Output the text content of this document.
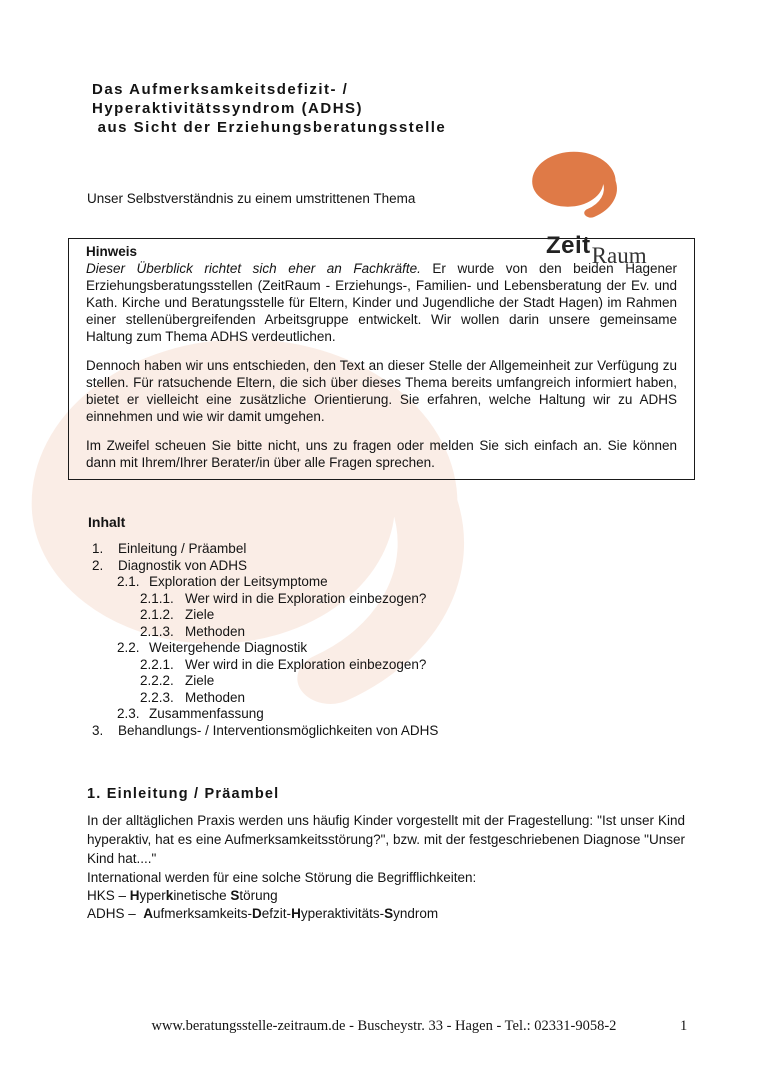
Das Aufmerksamkeitsdefizit- /
Hyperaktivitätssyndrom (ADHS)
aus Sicht der Erziehungsberatungsstelle
ZeitRaum

Unser Selbstverständnis zu einem umstrittenen Thema

Hinweis

Dieser Überblick richtet sich eher an Fachkräfte. Er wurde von den beiden Hagener Erziehungsberatungsstellen (ZeitRaum - Erziehungs-, Familien- und Lebensberatung der Ev. und Kath. Kirche und Beratungsstelle für Eltern, Kinder und Jugendliche der Stadt Hagen) im Rahmen einer stellenübergreifenden Arbeitsgruppe entwickelt. Wir wollen darin unsere gemeinsame Haltung zum Thema ADHS verdeutlichen.

Dennoch haben wir uns entschieden, den Text an dieser Stelle der Allgemeinheit zur Verfügung zu stellen. Für ratsuchende Eltern, die sich über dieses Thema bereits umfangreich informiert haben, bietet er vielleicht eine zusätzliche Orientierung. Sie erfahren, welche Haltung wir zu ADHS einnehmen und wie wir damit umgehen.

Im Zweifel scheuen Sie bitte nicht, uns zu fragen oder melden Sie sich einfach an. Sie können dann mit Ihrem/Ihrer Berater/in über alle Fragen sprechen.

Inhalt
1.	Einleitung / Präambel
2.	Diagnostik von ADHS
2.1. Exploration der Leitsymptome
2.1.1. Wer wird in die Exploration einbezogen?
2.1.2. Ziele
2.1.3. Methoden
2.2. Weitergehende Diagnostik
2.2.1. Wer wird in die Exploration einbezogen?
2.2.2. Ziele
2.2.3. Methoden
2.3. Zusammenfassung
3.	Behandlungs- / Interventionsmöglichkeiten von ADHS
1. Einleitung / Präambel

In der alltäglichen Praxis werden uns häufig Kinder vorgestellt mit der Fragestellung: "Ist unser Kind hyperaktiv, hat es eine Aufmerksamkeitsstörung?", bzw. mit der festgeschriebenen Diagnose "Unser Kind hat...."

International werden für eine solche Störung die Begrifflichkeiten:

HKS – Hyperkinetische Störung
ADHS –  Aufmerksamkeits-Defzit-Hyperaktivitäts-Syndrom
www.beratungsstelle-zeitraum.de - Buscheystr. 33 - Hagen - Tel.: 02331-9058-2	1
